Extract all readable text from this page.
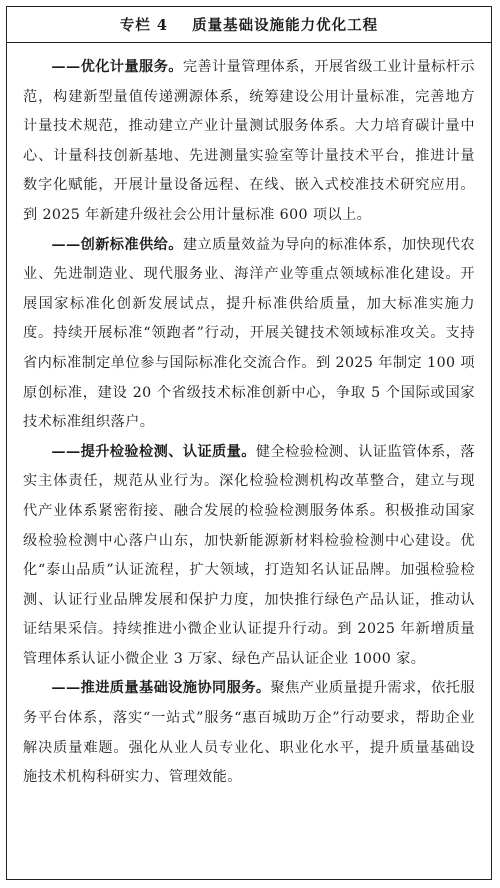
专栏 4    质量基础设施能力优化工程

——优化计量服务。完善计量管理体系，开展省级工业计量标杆示范，构建新型量值传递溯源体系，统筹建设公用计量标准，完善地方计量技术规范，推动建立产业计量测试服务体系。大力培育碳计量中心、计量科技创新基地、先进测量实验室等计量技术平台，推进计量数字化赋能，开展计量设备远程、在线、嵌入式校准技术研究应用。到 2025 年新建升级社会公用计量标准 600 项以上。

——创新标准供给。建立质量效益为导向的标准体系，加快现代农业、先进制造业、现代服务业、海洋产业等重点领域标准化建设。开展国家标准化创新发展试点，提升标准供给质量，加大标准实施力度。持续开展标准“领跑者”行动，开展关键技术领域标准攻关。支持省内标准制定单位参与国际标准化交流合作。到 2025 年制定 100 项原创标准，建设 20 个省级技术标准创新中心，争取 5 个国际或国家技术标准组织落户。

——提升检验检测、认证质量。健全检验检测、认证监管体系，落实主体责任，规范从业行为。深化检验检测机构改革整合，建立与现代产业体系紧密衔接、融合发展的检验检测服务体系。积极推动国家级检验检测中心落户山东，加快新能源新材料检验检测中心建设。优化“泰山品质”认证流程，扩大领域，打造知名认证品牌。加强检验检测、认证行业品牌发展和保护力度，加快推行绿色产品认证，推动认证结果采信。持续推进小微企业认证提升行动。到 2025 年新增质量管理体系认证小微企业 3 万家、绿色产品认证企业 1000 家。

——推进质量基础设施协同服务。聚焦产业质量提升需求，依托服务平台体系，落实“一站式”服务“惠百城助万企”行动要求，帮助企业解决质量难题。强化从业人员专业化、职业化水平，提升质量基础设施技术机构科研实力、管理效能。
